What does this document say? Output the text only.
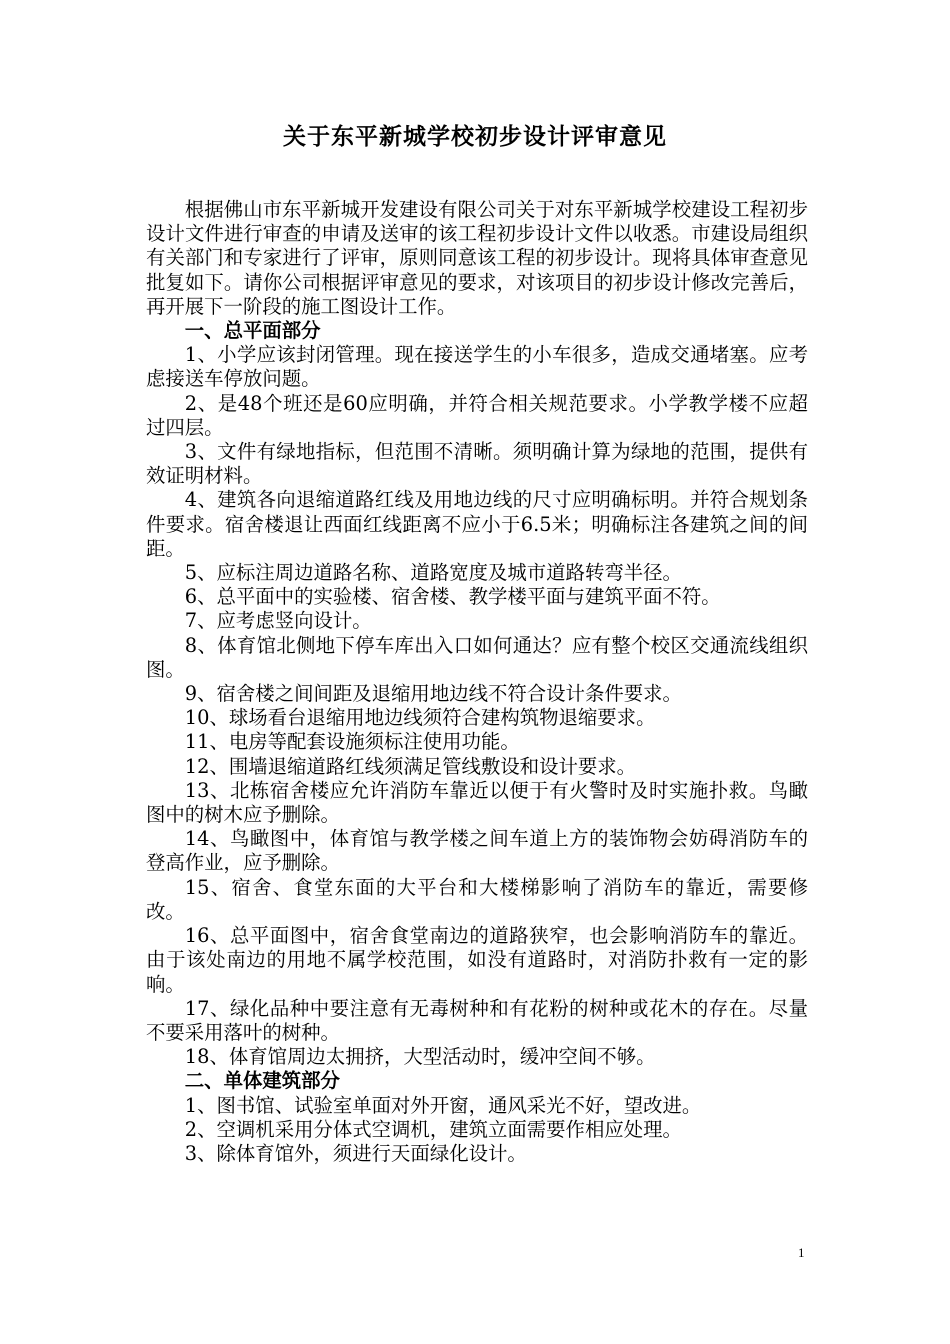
关于东平新城学校初步设计评审意见

根据佛山市东平新城开发建设有限公司关于对东平新城学校建设工程初步设计文件进行审查的申请及送审的该工程初步设计文件以收悉。市建设局组织有关部门和专家进行了评审，原则同意该工程的初步设计。现将具体审查意见批复如下。请你公司根据评审意见的要求，对该项目的初步设计修改完善后，再开展下一阶段的施工图设计工作。

一、总平面部分

1、小学应该封闭管理。现在接送学生的小车很多，造成交通堵塞。应考虑接送车停放问题。

2、是48个班还是60应明确，并符合相关规范要求。小学教学楼不应超过四层。

3、文件有绿地指标，但范围不清晰。须明确计算为绿地的范围，提供有效证明材料。

4、建筑各向退缩道路红线及用地边线的尺寸应明确标明。并符合规划条件要求。宿舍楼退让西面红线距离不应小于6.5米；明确标注各建筑之间的间距。

5、应标注周边道路名称、道路宽度及城市道路转弯半径。

6、总平面中的实验楼、宿舍楼、教学楼平面与建筑平面不符。

7、应考虑竖向设计。

8、体育馆北侧地下停车库出入口如何通达？应有整个校区交通流线组织图。

9、宿舍楼之间间距及退缩用地边线不符合设计条件要求。

10、球场看台退缩用地边线须符合建构筑物退缩要求。

11、电房等配套设施须标注使用功能。

12、围墙退缩道路红线须满足管线敷设和设计要求。

13、北栋宿舍楼应允许消防车靠近以便于有火警时及时实施扑救。鸟瞰图中的树木应予删除。

14、鸟瞰图中，体育馆与教学楼之间车道上方的装饰物会妨碍消防车的登高作业，应予删除。

15、宿舍、食堂东面的大平台和大楼梯影响了消防车的靠近，需要修改。

16、总平面图中，宿舍食堂南边的道路狭窄，也会影响消防车的靠近。由于该处南边的用地不属学校范围，如没有道路时，对消防扑救有一定的影响。

17、绿化品种中要注意有无毒树种和有花粉的树种或花木的存在。尽量不要采用落叶的树种。

18、体育馆周边太拥挤，大型活动时，缓冲空间不够。

二、单体建筑部分

1、图书馆、试验室单面对外开窗，通风采光不好，望改进。

2、空调机采用分体式空调机，建筑立面需要作相应处理。

3、除体育馆外，须进行天面绿化设计。

1
